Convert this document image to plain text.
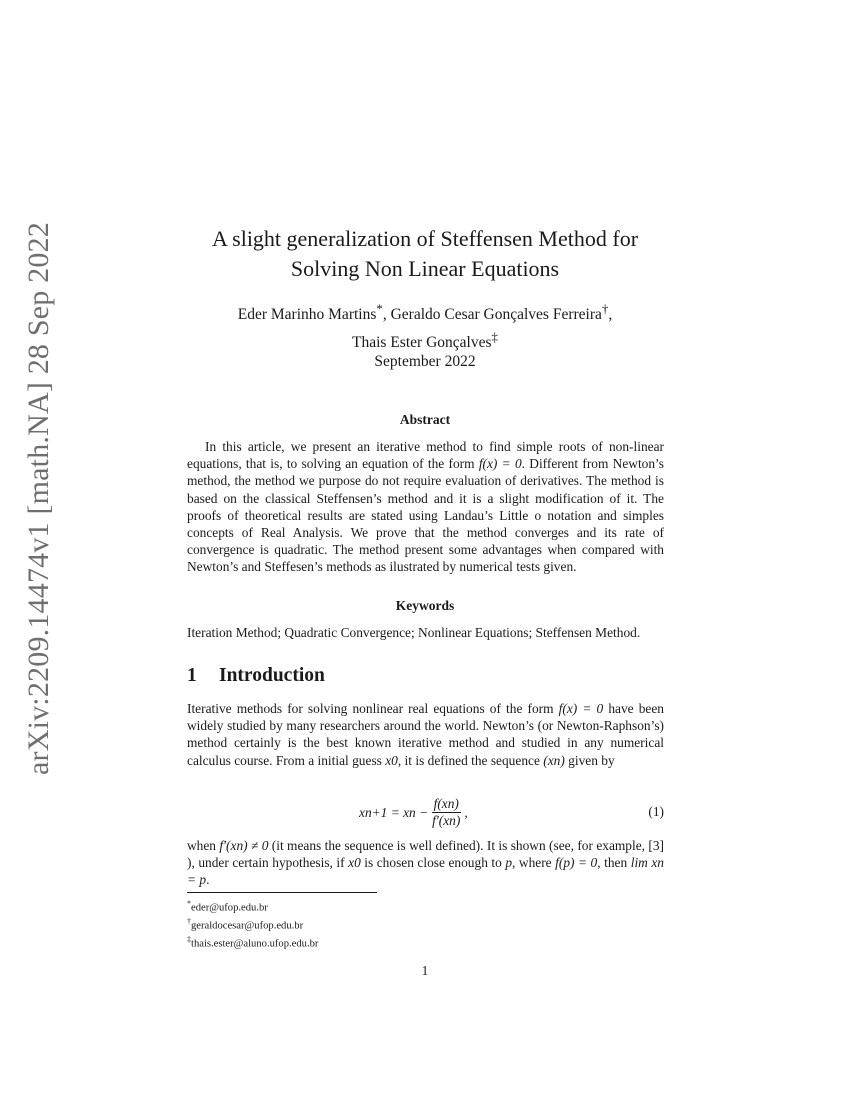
arXiv:2209.14474v1 [math.NA] 28 Sep 2022	A slight generalization of Steffensen Method for
Solving Non Linear Equations
Eder Marinho Martins*, Geraldo Cesar Gonçalves Ferreira†,
Thais Ester Gonçalves‡
September 2022
Abstract
In this article, we present an iterative method to find simple roots of non-linear equations, that is, to solving an equation of the form f(x) = 0. Different from Newton’s method, the method we purpose do not require evaluation of derivatives. The method is based on the classical Steffensen’s method and it is a slight modification of it. The proofs of theoretical results are stated using Landau’s Little o notation and simples concepts of Real Analysis. We prove that the method converges and its rate of convergence is quadratic. The method present some advantages when compared with Newton’s and Steffesen’s methods as ilustrated by numerical tests given.
Keywords
Iteration Method; Quadratic Convergence; Nonlinear Equations; Steffensen Method.
1 Introduction
Iterative methods for solving nonlinear real equations of the form f(x) = 0 have been widely studied by many researchers around the world. Newton’s (or Newton-Raphson’s) method certainly is the best known iterative method and studied in any numerical calculus course. From a initial guess x0, it is defined the sequence (xn) given by
xn+1 = xn − $\frac{f(xn)}{f'(xn)}$ ,	(1)
when f′(xn) ≠ 0 (it means the sequence is well defined). It is shown (see, for example, [3] ), under certain hypothesis, if x0 is chosen close enough to p, where f(p) = 0, then lim xn = p.
*eder@ufop.edu.br
†geraldocesar@ufop.edu.br
‡thais.ester@aluno.ufop.edu.br
1
